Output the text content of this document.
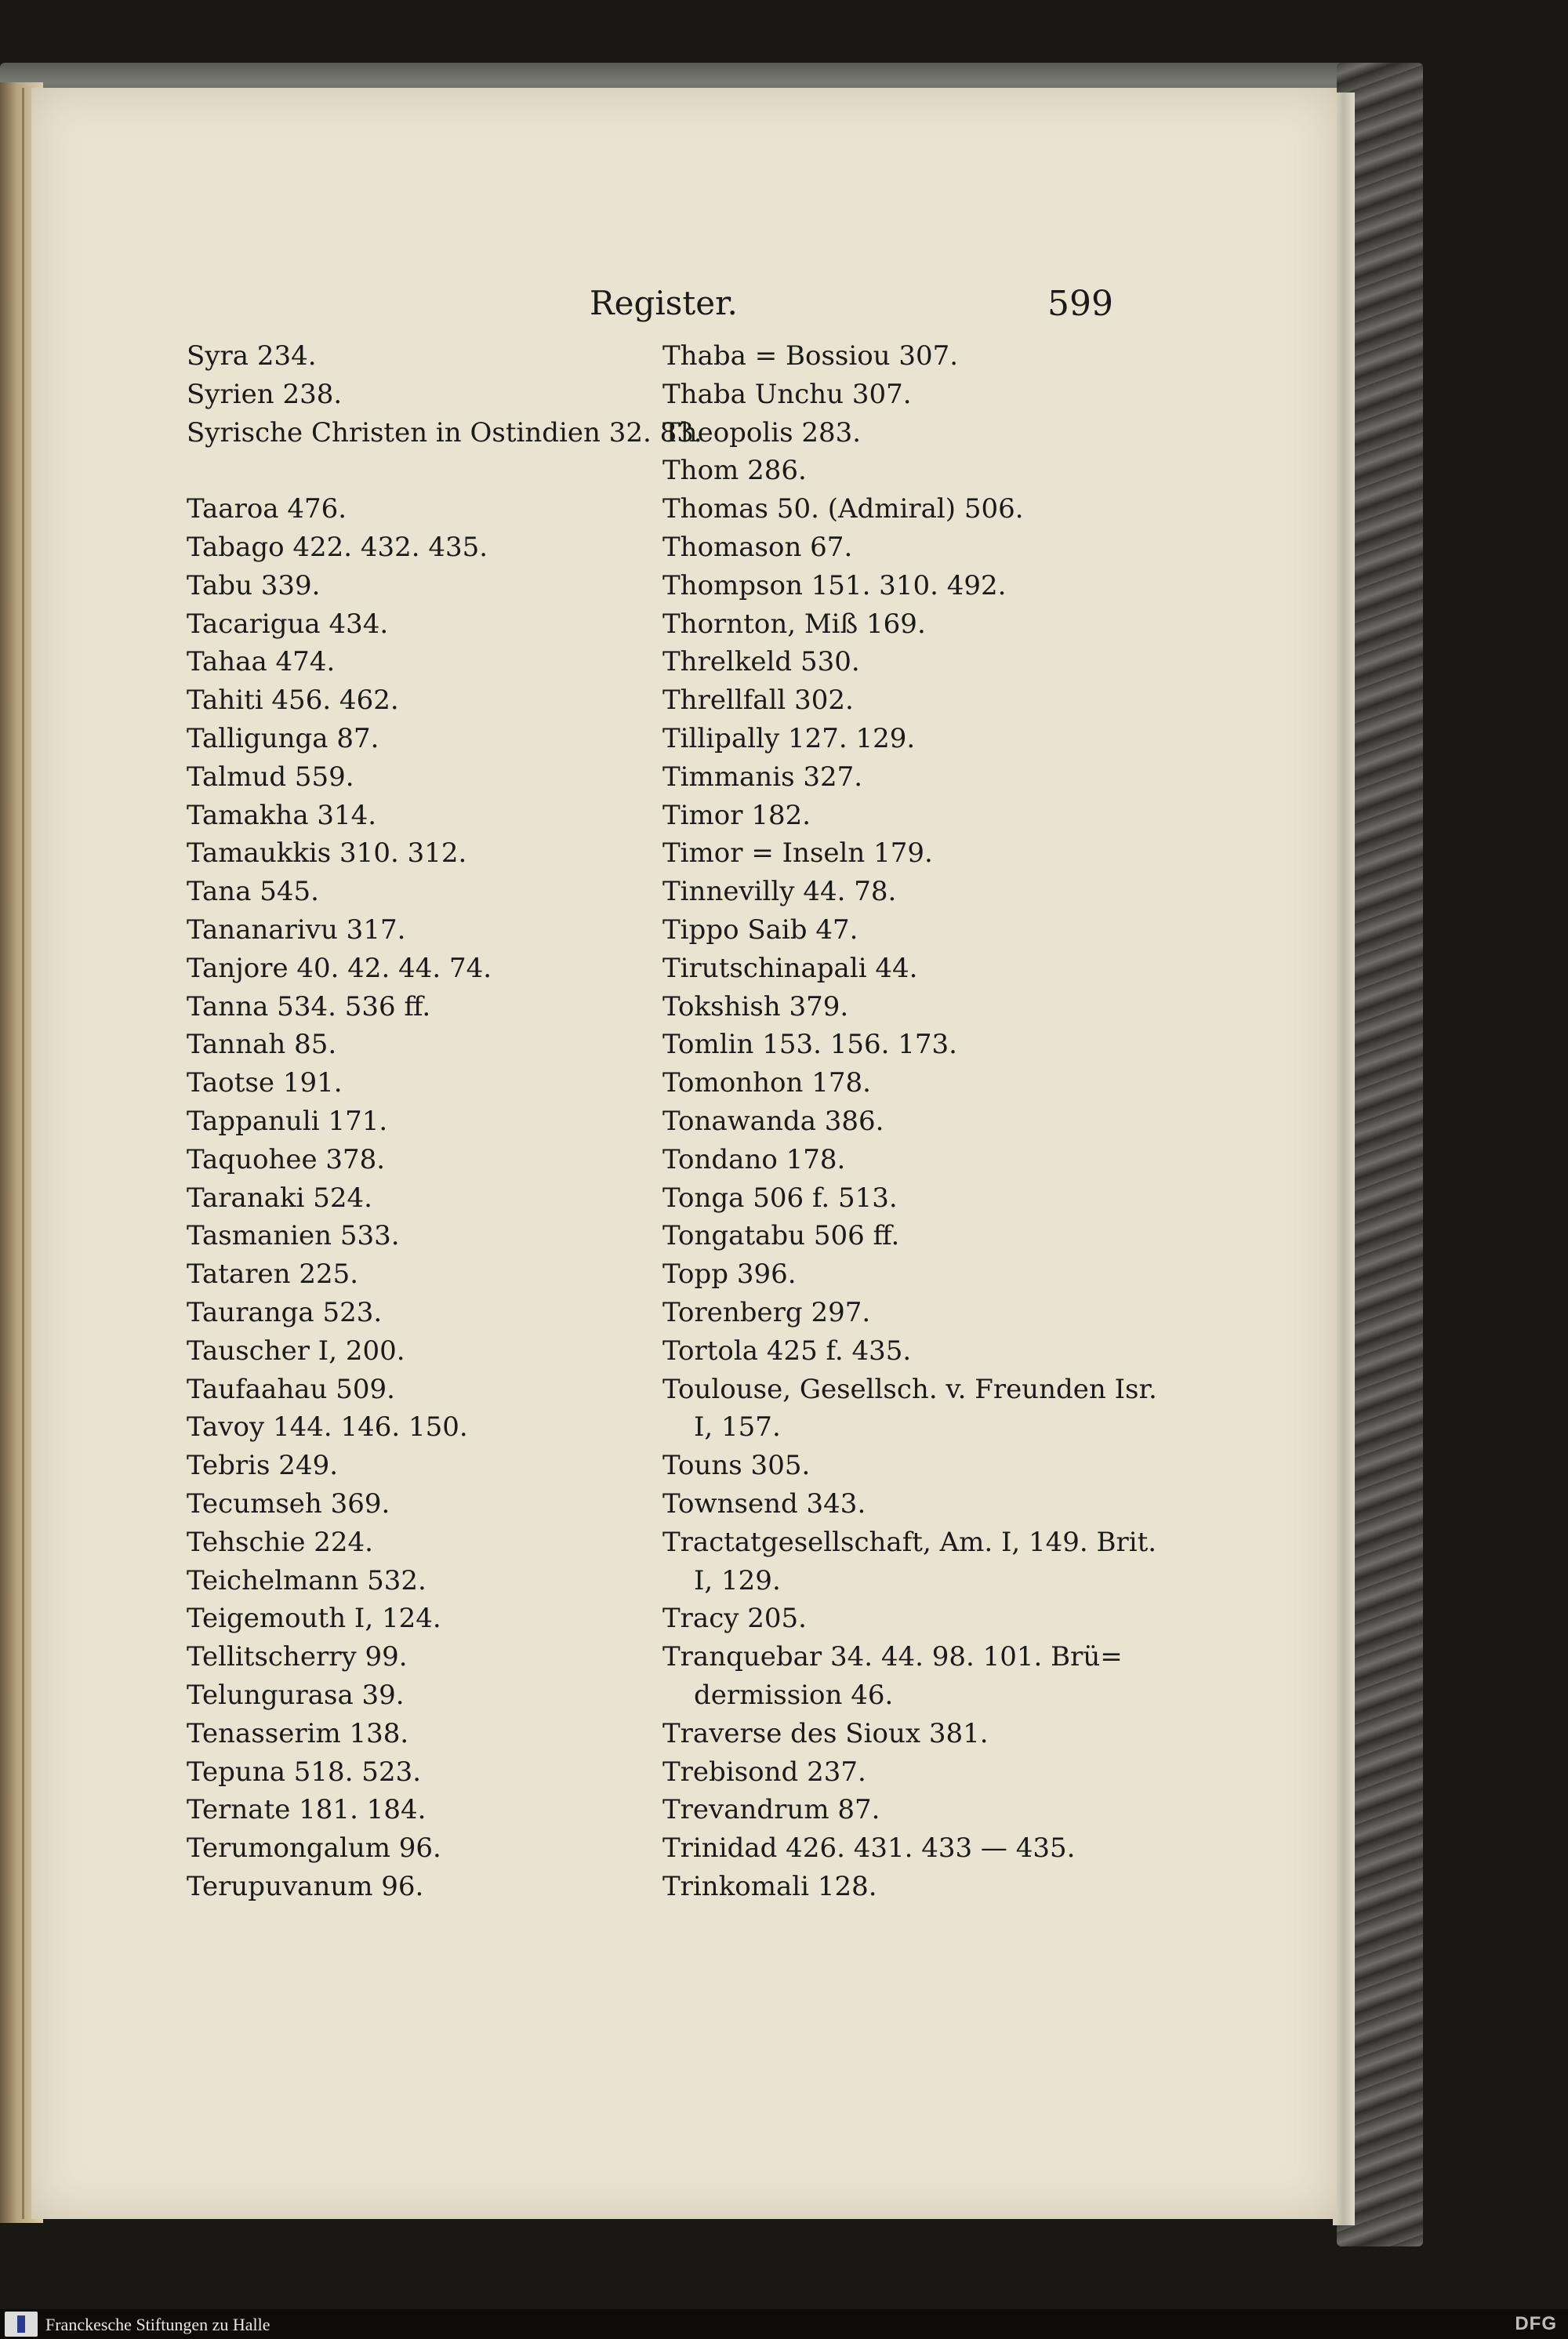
Register.	599
Syra 234.
Syrien 238.
Syrische Christen in Ostindien 32. 83.
Taaroa 476.
Tabago 422. 432. 435.
Tabu 339.
Tacarigua 434.
Tahaa 474.
Tahiti 456. 462.
Talligunga 87.
Talmud 559.
Tamakha 314.
Tamaukkis 310. 312.
Tana 545.
Tananarivu 317.
Tanjore 40. 42. 44. 74.
Tanna 534. 536 ff.
Tannah 85.
Taotse 191.
Tappanuli 171.
Taquohee 378.
Taranaki 524.
Tasmanien 533.
Tataren 225.
Tauranga 523.
Tauscher I, 200.
Taufaahau 509.
Tavoy 144. 146. 150.
Tebris 249.
Tecumseh 369.
Tehschie 224.
Teichelmann 532.
Teigemouth I, 124.
Tellitscherry 99.
Telungurasa 39.
Tenasserim 138.
Tepuna 518. 523.
Ternate 181. 184.
Terumongalum 96.
Terupuvanum 96.
Thaba = Bossiou 307.
Thaba Unchu 307.
Theopolis 283.
Thom 286.
Thomas 50. (Admiral) 506.
Thomason 67.
Thompson 151. 310. 492.
Thornton, Miß 169.
Threlkeld 530.
Threllfall 302.
Tillipally 127. 129.
Timmanis 327.
Timor 182.
Timor = Inseln 179.
Tinnevilly 44. 78.
Tippo Saib 47.
Tirutschinapali 44.
Tokshish 379.
Tomlin 153. 156. 173.
Tomonhon 178.
Tonawanda 386.
Tondano 178.
Tonga 506 f. 513.
Tongatabu 506 ff.
Topp 396.
Torenberg 297.
Tortola 425 f. 435.
Toulouse, Gesellsch. v. Freunden Isr.
I, 157.
Touns 305.
Townsend 343.
Tractatgesellschaft, Am. I, 149. Brit.
I, 129.
Tracy 205.
Tranquebar 34. 44. 98. 101. Brü=
dermission 46.
Traverse des Sioux 381.
Trebisond 237.
Trevandrum 87.
Trinidad 426. 431. 433 — 435.
Trinkomali 128.
Franckesche Stiftungen zu Halle	DFG
